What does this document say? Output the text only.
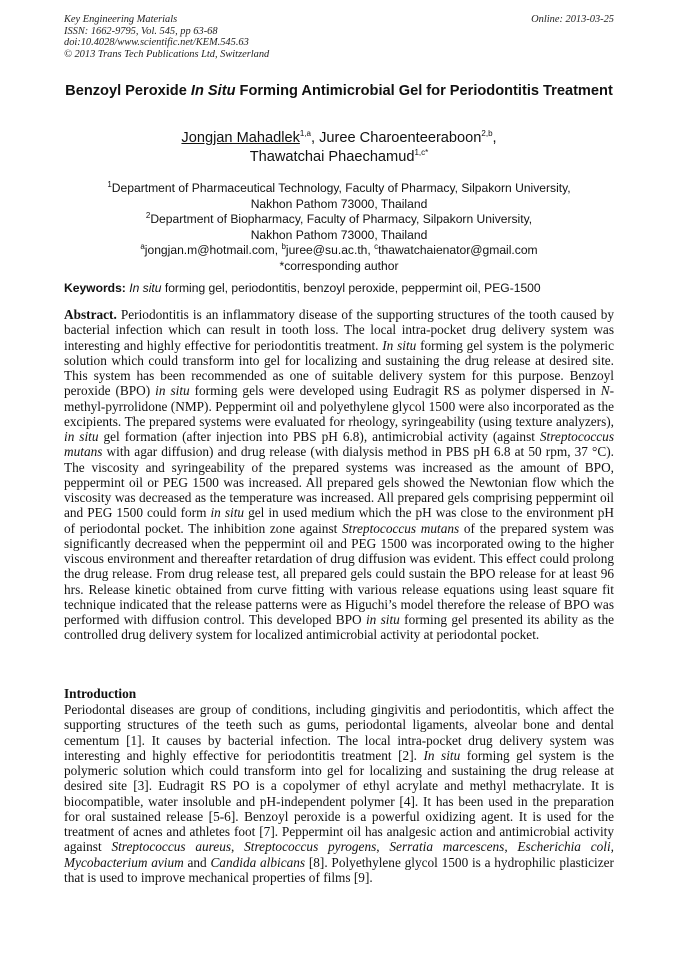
Key Engineering Materials
ISSN: 1662-9795, Vol. 545, pp 63-68
doi:10.4028/www.scientific.net/KEM.545.63
© 2013 Trans Tech Publications Ltd, Switzerland
Online: 2013-03-25
Benzoyl Peroxide In Situ Forming Antimicrobial Gel for Periodontitis Treatment
Jongjan Mahadlek$^{1,a}$, Juree Charoenteeraboon$^{2,b}$,
Thawatchai Phaechamud$^{1,c*}$
$^1$Department of Pharmaceutical Technology, Faculty of Pharmacy, Silpakorn University,
Nakhon Pathom 73000, Thailand
$^2$Department of Biopharmacy, Faculty of Pharmacy, Silpakorn University,
Nakhon Pathom 73000, Thailand
$^a$jongjan.m@hotmail.com, $^b$juree@su.ac.th, $^c$thawatchaienator@gmail.com
*corresponding author
Keywords: In situ forming gel, periodontitis, benzoyl peroxide, peppermint oil, PEG-1500
Abstract. Periodontitis is an inflammatory disease of the supporting structures of the tooth caused by bacterial infection which can result in tooth loss. The local intra-pocket drug delivery system was interesting and highly effective for periodontitis treatment. In situ forming gel system is the polymeric solution which could transform into gel for localizing and sustaining the drug release at desired site. This system has been recommended as one of suitable delivery system for this purpose. Benzoyl peroxide (BPO) in situ forming gels were developed using Eudragit RS as polymer dispersed in N-methyl-pyrrolidone (NMP). Peppermint oil and polyethylene glycol 1500 were also incorporated as the excipients. The prepared systems were evaluated for rheology, syringeability (using texture analyzers), in situ gel formation (after injection into PBS pH 6.8), antimicrobial activity (against Streptococcus mutans with agar diffusion) and drug release (with dialysis method in PBS pH 6.8 at 50 rpm, 37 °C). The viscosity and syringeability of the prepared systems was increased as the amount of BPO, peppermint oil or PEG 1500 was increased. All prepared gels showed the Newtonian flow which the viscosity was decreased as the temperature was increased. All prepared gels comprising peppermint oil and PEG 1500 could form in situ gel in used medium which the pH was close to the environment pH of periodontal pocket. The inhibition zone against Streptococcus mutans of the prepared system was significantly decreased when the peppermint oil and PEG 1500 was incorporated owing to the higher viscous environment and thereafter retardation of drug diffusion was evident. This effect could prolong the drug release. From drug release test, all prepared gels could sustain the BPO release for at least 96 hrs. Release kinetic obtained from curve fitting with various release equations using least square fit technique indicated that the release patterns were as Higuchi’s model therefore the release of BPO was performed with diffusion control. This developed BPO in situ forming gel presented its ability as the controlled drug delivery system for localized antimicrobial activity at periodontal pocket.
Introduction
Periodontal diseases are group of conditions, including gingivitis and periodontitis, which affect the supporting structures of the teeth such as gums, periodontal ligaments, alveolar bone and dental cementum [1]. It causes by bacterial infection. The local intra-pocket drug delivery system was interesting and highly effective for periodontitis treatment [2]. In situ forming gel system is the polymeric solution which could transform into gel for localizing and sustaining the drug release at desired site [3]. Eudragit RS PO is a copolymer of ethyl acrylate and methyl methacrylate. It is biocompatible, water insoluble and pH-independent polymer [4]. It has been used in the preparation for oral sustained release [5-6]. Benzoyl peroxide is a powerful oxidizing agent. It is used for the treatment of acnes and athletes foot [7]. Peppermint oil has analgesic action and antimicrobial activity against Streptococcus aureus, Streptococcus pyrogens, Serratia marcescens, Escherichia coli, Mycobacterium avium and Candida albicans [8]. Polyethylene glycol 1500 is a hydrophilic plasticizer that is used to improve mechanical properties of films [9].
